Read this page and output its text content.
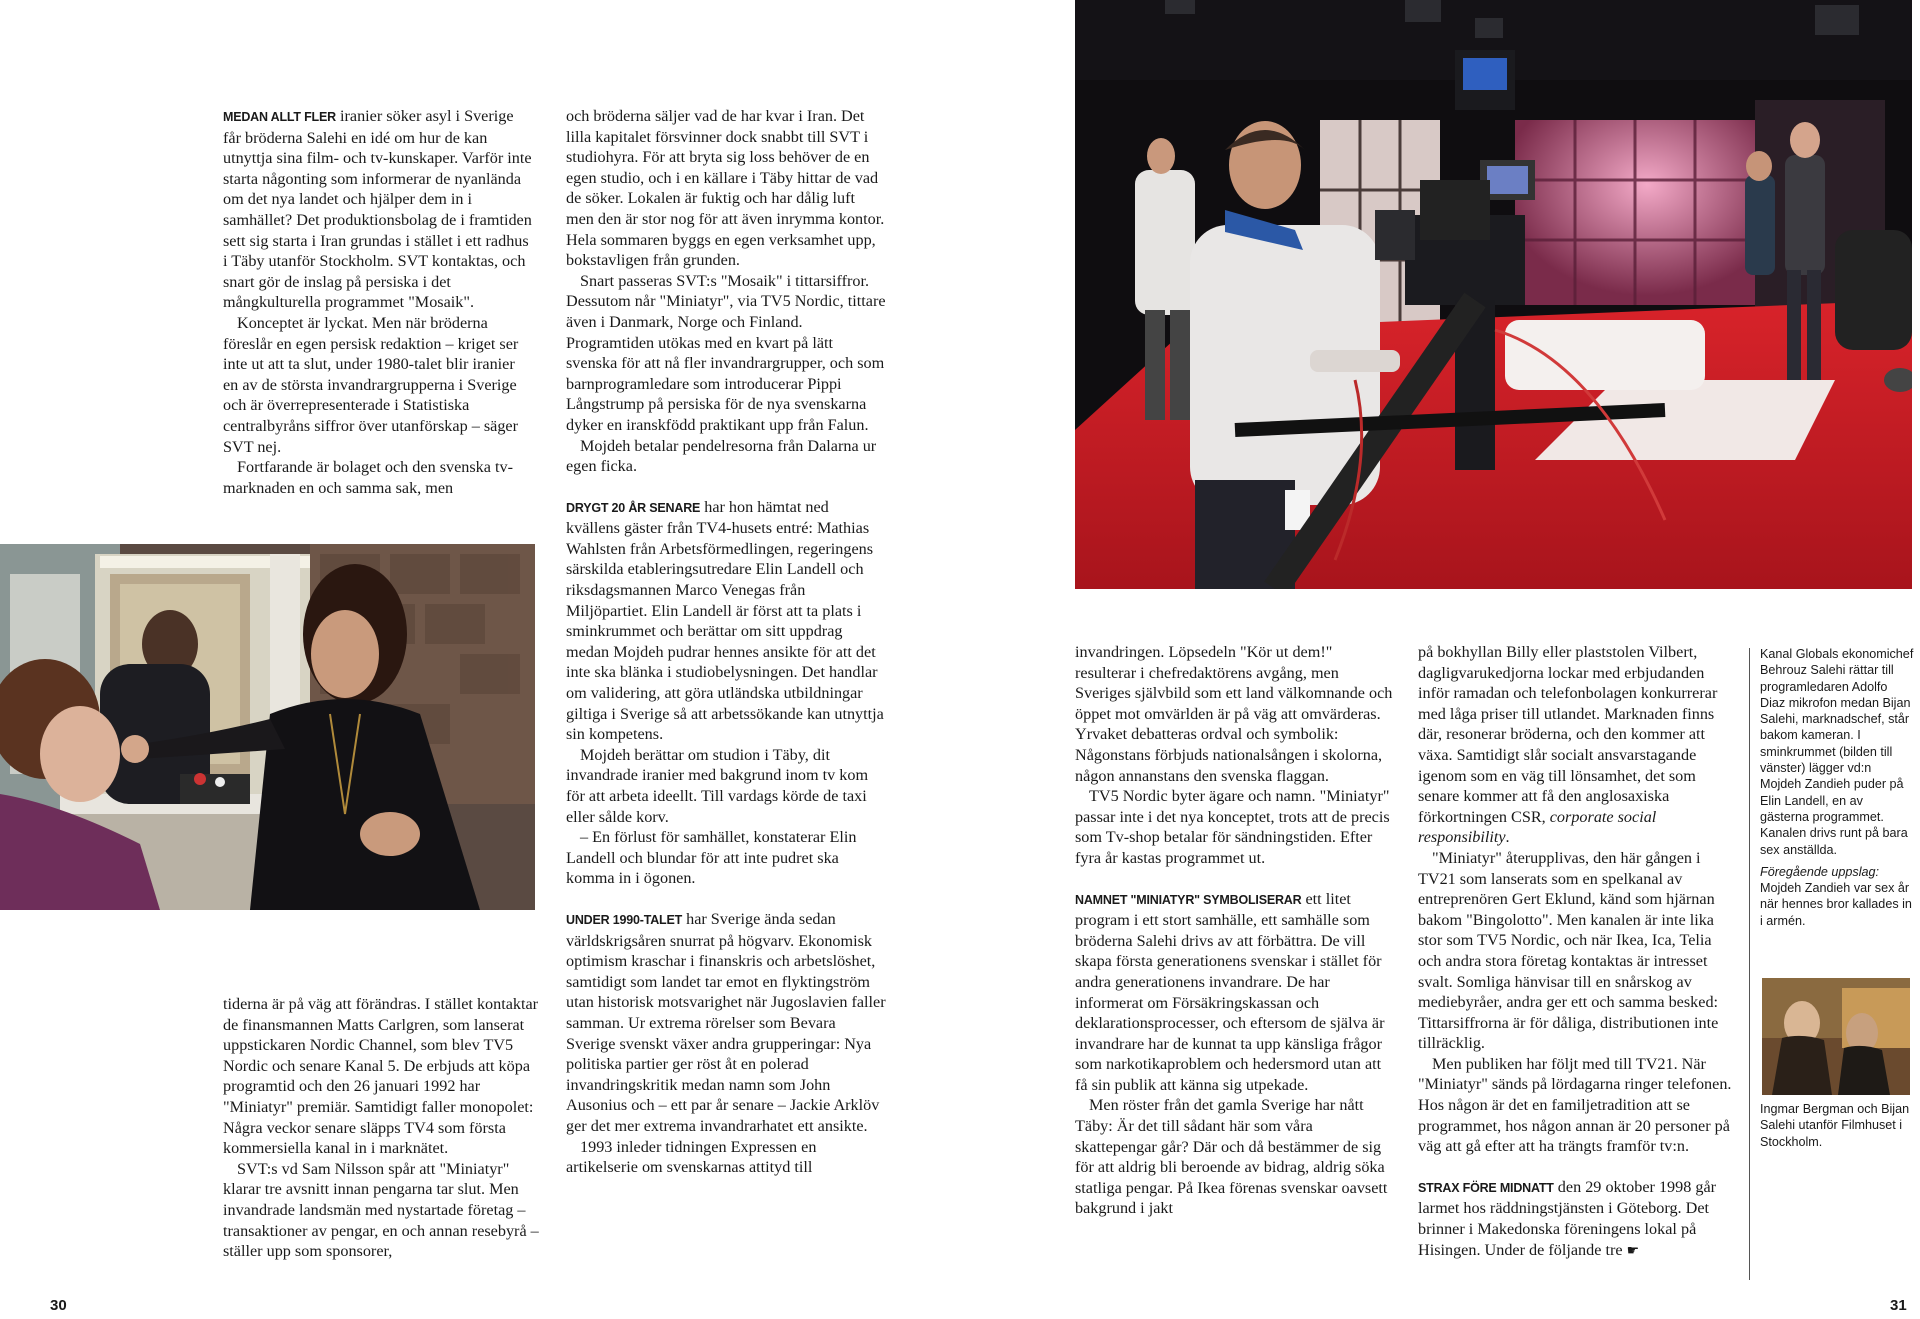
MEDAN ALLT FLER iranier söker asyl i Sverige får bröderna Salehi en idé om hur de kan utnyttja sina film- och tv-kunskaper. Varför inte starta någonting som informerar de nyanlända om det nya landet och hjälper dem in i samhället? Det produktionsbolag de i framtiden sett sig starta i Iran grundas i stället i ett radhus i Täby utanför Stockholm. SVT kontaktas, och snart gör de inslag på persiska i det mångkulturella programmet "Mosaik".

Konceptet är lyckat. Men när bröderna föreslår en egen persisk redaktion – kriget ser inte ut att ta slut, under 1980-talet blir iranier en av de största invandrargrupperna i Sverige och är överrepresenterade i Statistiska centralbyråns siffror över utanförskap – säger SVT nej.

Fortfarande är bolaget och den svenska tv-marknaden en och samma sak, men

tiderna är på väg att förändras. I stället kontaktar de finansmannen Matts Carlgren, som lanserat uppstickaren Nordic Channel, som blev TV5 Nordic och senare Kanal 5. De erbjuds att köpa programtid och den 26 januari 1992 har "Miniatyr" premiär. Samtidigt faller monopolet: Några veckor senare släpps TV4 som första kommersiella kanal in i marknätet.

SVT:s vd Sam Nilsson spår att "Miniatyr" klarar tre avsnitt innan pengarna tar slut. Men invandrade landsmän med nystartade företag – transaktioner av pengar, en och annan resebyrå – ställer upp som sponsorer,

och bröderna säljer vad de har kvar i Iran. Det lilla kapitalet försvinner dock snabbt till SVT i studiohyra. För att bryta sig loss behöver de en egen studio, och i en källare i Täby hittar de vad de söker. Lokalen är fuktig och har dålig luft men den är stor nog för att även inrymma kontor. Hela sommaren byggs en egen verksamhet upp, bokstavligen från grunden.

Snart passeras SVT:s "Mosaik" i tittarsiffror. Dessutom når "Miniatyr", via TV5 Nordic, tittare även i Danmark, Norge och Finland. Programtiden utökas med en kvart på lätt svenska för att nå fler invandrargrupper, och som barnprogramledare som introducerar Pippi Långstrump på persiska för de nya svenskarna dyker en iranskfödd praktikant upp från Falun.

Mojdeh betalar pendelresorna från Dalarna ur egen ficka.

DRYGT 20 ÅR SENARE har hon hämtat ned kvällens gäster från TV4-husets entré: Mathias Wahlsten från Arbetsförmedlingen, regeringens särskilda etableringsutredare Elin Landell och riksdagsmannen Marco Venegas från Miljöpartiet. Elin Landell är först att ta plats i sminkrummet och berättar om sitt uppdrag medan Mojdeh pudrar hennes ansikte för att det inte ska blänka i studiobelysningen. Det handlar om validering, att göra utländska utbildningar giltiga i Sverige så att arbetssökande kan utnyttja sin kompetens.

Mojdeh berättar om studion i Täby, dit invandrade iranier med bakgrund inom tv kom för att arbeta ideellt. Till vardags körde de taxi eller sålde korv.

– En förlust för samhället, konstaterar Elin Landell och blundar för att inte pudret ska komma in i ögonen.

UNDER 1990-TALET har Sverige ända sedan världskrigsåren snurrat på högvarv. Ekonomisk optimism kraschar i finanskris och arbetslöshet, samtidigt som landet tar emot en flyktingström utan historisk motsvarighet när Jugoslavien faller samman. Ur extrema rörelser som Bevara Sverige svenskt växer andra grupperingar: Nya politiska partier ger röst åt en polerad invandringskritik medan namn som John Ausonius och – ett par år senare – Jackie Arklöv ger det mer extrema invandrarhatet ett ansikte.

1993 inleder tidningen Expressen en artikelserie om svenskarnas attityd till

invandringen. Löpsedeln "Kör ut dem!" resulterar i chefredaktörens avgång, men Sveriges självbild som ett land välkomnande och öppet mot omvärlden är på väg att omvärderas. Yrvaket debatteras ordval och symbolik: Någonstans förbjuds nationalsången i skolorna, någon annanstans den svenska flaggan.

TV5 Nordic byter ägare och namn. "Miniatyr" passar inte i det nya konceptet, trots att de precis som Tv-shop betalar för sändningstiden. Efter fyra år kastas programmet ut.

NAMNET "MINIATYR" SYMBOLISERAR ett litet program i ett stort samhälle, ett samhälle som bröderna Salehi drivs av att förbättra. De vill skapa första generationens svenskar i stället för andra generationens invandrare. De har informerat om Försäkringskassan och deklarationsprocesser, och eftersom de själva är invandrare har de kunnat ta upp känsliga frågor som narkotikaproblem och hedersmord utan att få sin publik att känna sig utpekade.

Men röster från det gamla Sverige har nått Täby: Är det till sådant här som våra skattepengar går? Där och då bestämmer de sig för att aldrig bli beroende av bidrag, aldrig söka statliga pengar. På Ikea förenas svenskar oavsett bakgrund i jakt

på bokhyllan Billy eller plaststolen Vilbert, dagligvarukedjorna lockar med erbjudanden inför ramadan och telefonbolagen konkurrerar med låga priser till utlandet. Marknaden finns där, resonerar bröderna, och den kommer att växa. Samtidigt slår socialt ansvarstagande igenom som en väg till lönsamhet, det som senare kommer att få den anglosaxiska förkortningen CSR, corporate social responsibility.

"Miniatyr" återupplivas, den här gången i TV21 som lanserats som en spelkanal av entreprenören Gert Eklund, känd som hjärnan bakom "Bingolotto". Men kanalen är inte lika stor som TV5 Nordic, och när Ikea, Ica, Telia och andra stora företag kontaktas är intresset svalt. Somliga hänvisar till en snårskog av mediebyråer, andra ger ett och samma besked: Tittarsiffrorna är för dåliga, distributionen inte tillräcklig.

Men publiken har följt med till TV21. När "Miniatyr" sänds på lördagarna ringer telefonen. Hos någon är det en familjetradition att se programmet, hos någon annan är 20 personer på väg att gå efter att ha trängts framför tv:n.

STRAX FÖRE MIDNATT den 29 oktober 1998 går larmet hos räddningstjänsten i Göteborg. Det brinner i Makedonska föreningens lokal på Hisingen. Under de följande tre ☛

Kanal Globals ekonomichef Behrouz Salehi rättar till programledaren Adolfo Diaz mikrofon medan Bijan Salehi, marknadschef, står bakom kameran. I sminkrummet (bilden till vänster) lägger vd:n Mojdeh Zandieh puder på Elin Landell, en av gästerna programmet. Kanalen drivs runt på bara sex anställda.

Föregående uppslag:
Mojdeh Zandieh var sex år när hennes bror kallades in i armén.

Ingmar Bergman och Bijan Salehi utanför Filmhuset i Stockholm.

30	31
